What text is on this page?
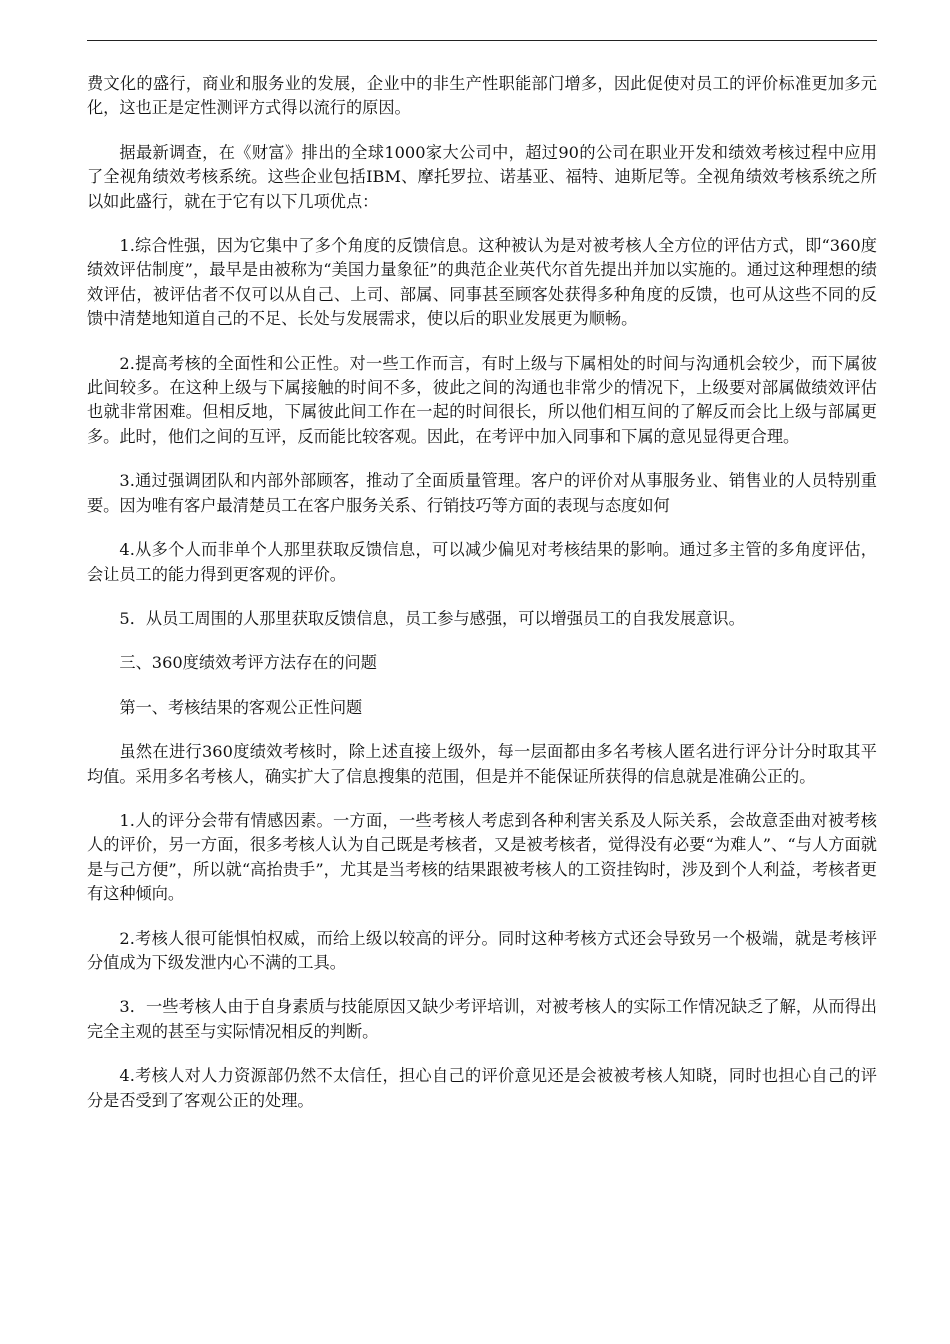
费文化的盛行，商业和服务业的发展，企业中的非生产性职能部门增多，因此促使对员工的评价标准更加多元化，这也正是定性测评方式得以流行的原因。

据最新调查，在《财富》排出的全球1000家大公司中，超过90的公司在职业开发和绩效考核过程中应用了全视角绩效考核系统。这些企业包括IBM、摩托罗拉、诺基亚、福特、迪斯尼等。全视角绩效考核系统之所以如此盛行，就在于它有以下几项优点：

1.综合性强，因为它集中了多个角度的反馈信息。这种被认为是对被考核人全方位的评估方式，即“360度绩效评估制度”，最早是由被称为“美国力量象征”的典范企业英代尔首先提出并加以实施的。通过这种理想的绩效评估，被评估者不仅可以从自己、上司、部属、同事甚至顾客处获得多种角度的反馈，也可从这些不同的反馈中清楚地知道自己的不足、长处与发展需求，使以后的职业发展更为顺畅。

2.提高考核的全面性和公正性。对一些工作而言，有时上级与下属相处的时间与沟通机会较少，而下属彼此间较多。在这种上级与下属接触的时间不多，彼此之间的沟通也非常少的情况下，上级要对部属做绩效评估也就非常困难。但相反地，下属彼此间工作在一起的时间很长，所以他们相互间的了解反而会比上级与部属更多。此时，他们之间的互评，反而能比较客观。因此，在考评中加入同事和下属的意见显得更合理。

3.通过强调团队和内部外部顾客，推动了全面质量管理。客户的评价对从事服务业、销售业的人员特别重要。因为唯有客户最清楚员工在客户服务关系、行销技巧等方面的表现与态度如何

4.从多个人而非单个人那里获取反馈信息，可以减少偏见对考核结果的影响。通过多主管的多角度评估，会让员工的能力得到更客观的评价。

5．从员工周围的人那里获取反馈信息，员工参与感强，可以增强员工的自我发展意识。

三、360度绩效考评方法存在的问题

第一、考核结果的客观公正性问题

虽然在进行360度绩效考核时，除上述直接上级外，每一层面都由多名考核人匿名进行评分计分时取其平均值。采用多名考核人，确实扩大了信息搜集的范围，但是并不能保证所获得的信息就是准确公正的。

1.人的评分会带有情感因素。一方面，一些考核人考虑到各种利害关系及人际关系，会故意歪曲对被考核人的评价，另一方面，很多考核人认为自己既是考核者，又是被考核者，觉得没有必要“为难人”、“与人方面就是与己方便”，所以就“高抬贵手”，尤其是当考核的结果跟被考核人的工资挂钩时，涉及到个人利益，考核者更有这种倾向。

2.考核人很可能惧怕权威，而给上级以较高的评分。同时这种考核方式还会导致另一个极端，就是考核评分值成为下级发泄内心不满的工具。

3．一些考核人由于自身素质与技能原因又缺少考评培训，对被考核人的实际工作情况缺乏了解，从而得出完全主观的甚至与实际情况相反的判断。

4.考核人对人力资源部仍然不太信任，担心自己的评价意见还是会被被考核人知晓，同时也担心自己的评分是否受到了客观公正的处理。
